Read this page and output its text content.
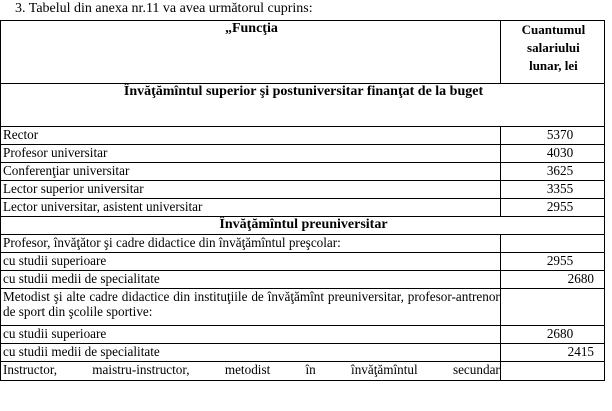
3. Tabelul din anexa nr.11 va avea următorul cuprins:
„Funcţia	Cuantumul
salariului
lunar, lei
Învăţămîntul superior şi postuniversitar finanţat de la buget	
Rector	5370

Profesor universitar	4030

Conferenţiar universitar	3625

Lector superior universitar	3355

Lector universitar, asistent universitar	2955

Învăţămîntul preuniversitar	
Profesor, învăţător şi cadre didactice din învăţămîntul preşcolar:	
cu studii superioare	2955

cu studii medii de specialitate	2680

Metodist şi alte cadre didactice din instituţiile de învăţămînt preuniversitar, profesor-antrenor de sport din şcolile sportive:	
cu studii superioare	2680

cu studii medii de specialitate	2415

Instructor, maistru-instructor, metodist în învăţămîntul secundar	
